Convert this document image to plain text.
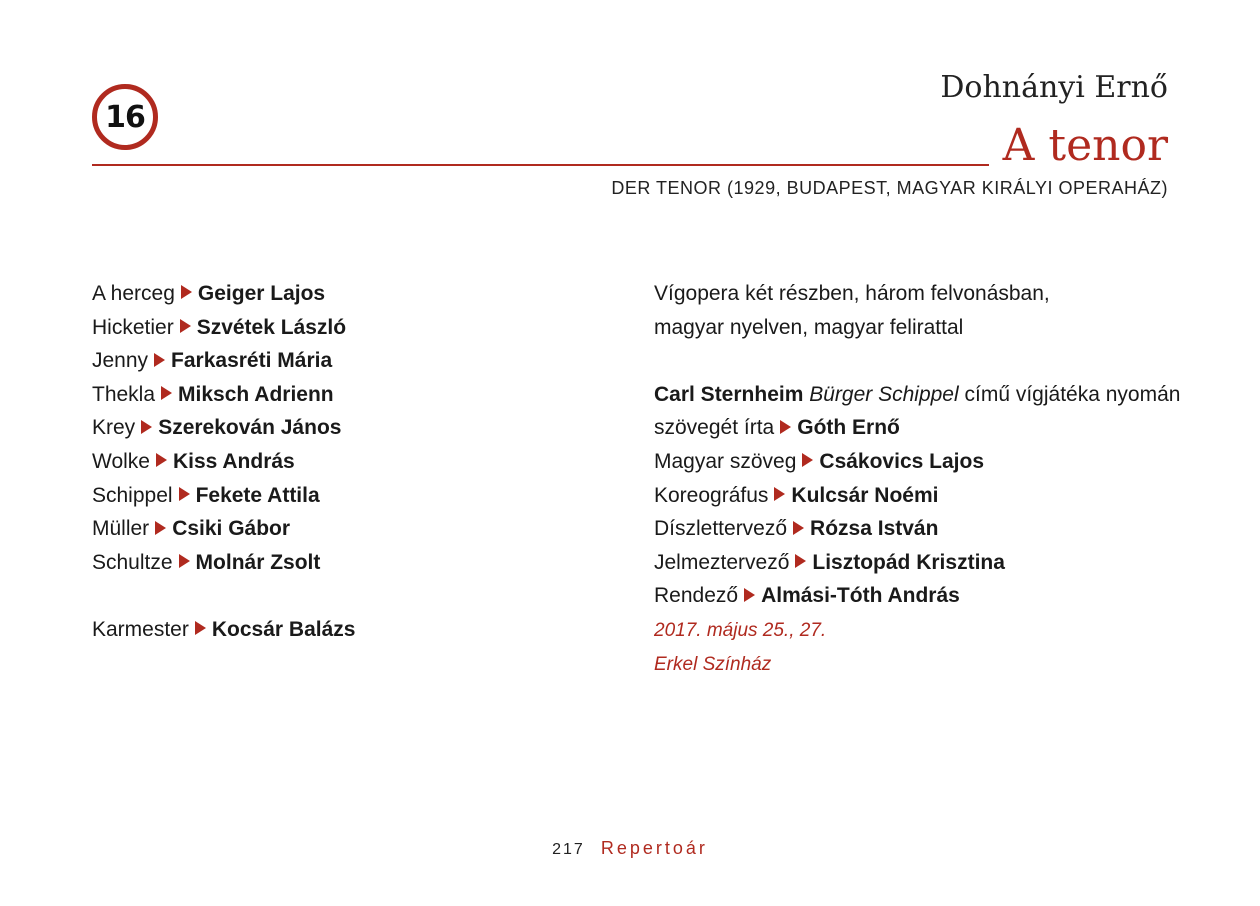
16
Dohnányi Ernő
A tenor
DER TENOR (1929, BUDAPEST, MAGYAR KIRÁLYI OPERAHÁZ)
A herceg Geiger Lajos
Hicketier Szvétek László
Jenny Farkasréti Mária
Thekla Miksch Adrienn
Krey Szerekován János
Wolke Kiss András
Schippel Fekete Attila
Müller Csiki Gábor
Schultze Molnár Zsolt
Karmester Kocsár Balázs
Vígopera két részben, három felvonásban,
magyar nyelven, magyar felirattal
Carl Sternheim Bürger Schippel című vígjátéka nyomán
szövegét írta Góth Ernő
Magyar szöveg Csákovics Lajos
Koreográfus Kulcsár Noémi
Díszlettervező Rózsa István
Jelmeztervező Lisztopád Krisztina
Rendező Almási-Tóth András
2017. május 25., 27.
Erkel Színház
217 Repertoár
